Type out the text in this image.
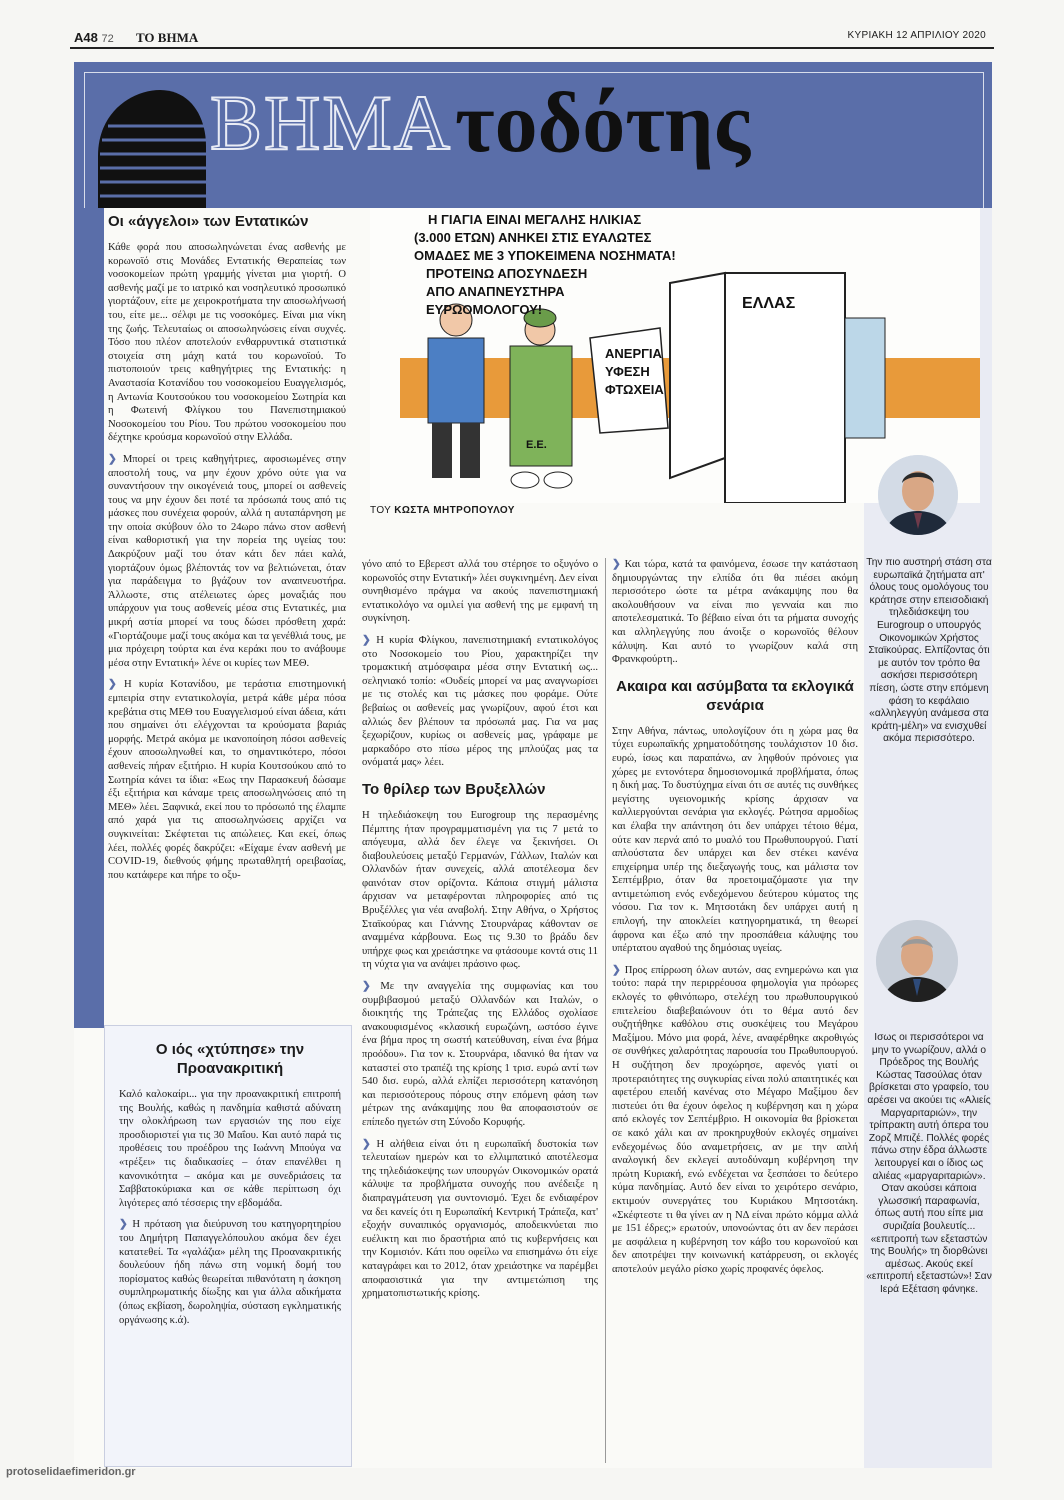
A48 72 ΤΟ ΒΗΜΑ	ΚΥΡΙΑΚΗ 12 ΑΠΡΙΛΙΟΥ 2020
ΒΗΜΑ τοδότης
Οι «άγγελοι» των Εντατικών

Κάθε φορά που αποσωληνώνεται ένας ασθενής με κορωνοϊό στις Μονάδες Εντατικής Θεραπείας των νοσοκομείων πρώτη γραμμής γίνεται μια γιορτή. Ο ασθενής μαζί με το ιατρικό και νοσηλευτικό προσωπικό γιορτάζουν, είτε με χειροκροτήματα την αποσωλήνωσή του, είτε με... σέλφι με τις νοσοκόμες. Είναι μια νίκη της ζωής. Τελευταίως οι αποσωληνώσεις είναι συχνές. Τόσο που πλέον αποτελούν ενθαρρυντικά στατιστικά στοιχεία στη μάχη κατά του κορωνοϊού. Το πιστοποιούν τρεις καθηγήτριες της Εντατικής: η Αναστασία Κοτανίδου του νοσοκομείου Ευαγγελισμός, η Αντωνία Κουτσούκου του νοσοκομείου Σωτηρία και η Φωτεινή Φλίγκου του Πανεπιστημιακού Νοσοκομείου του Ρίου. Του πρώτου νοσοκομείου που δέχτηκε κρούσμα κορωνοϊού στην Ελλάδα.

❯ Μπορεί οι τρεις καθηγήτριες, αφοσιωμένες στην αποστολή τους, να μην έχουν χρόνο ούτε για να συναντήσουν την οικογένειά τους, μπορεί οι ασθενείς τους να μην έχουν δει ποτέ τα πρόσωπά τους από τις μάσκες που συνέχεια φορούν, αλλά η αυταπάρνηση με την οποία σκύβουν όλο το 24ωρο πάνω στον ασθενή είναι καθοριστική για την πορεία της υγείας του: Δακρύζουν μαζί του όταν κάτι δεν πάει καλά, γιορτάζουν όμως βλέποντάς τον να βελτιώνεται, όταν για παράδειγμα το βγάζουν τον αναπνευστήρα. Άλλωστε, στις ατέλειωτες ώρες μοναξιάς που υπάρχουν για τους ασθενείς μέσα στις Εντατικές, μια μικρή αστία μπορεί να τους δώσει πρόσθετη χαρά: «Γιορτάζουμε μαζί τους ακόμα και τα γενέθλιά τους, με μια πρόχειρη τούρτα και ένα κεράκι που το ανάβουμε μέσα στην Εντατική» λένε οι κυρίες των ΜΕΘ.

❯ Η κυρία Κοτανίδου, με τεράστια επιστημονική εμπειρία στην εντατικολογία, μετρά κάθε μέρα πόσα κρεβάτια στις ΜΕΘ του Ευαγγελισμού είναι άδεια, κάτι που σημαίνει ότι ελέγχονται τα κρούσματα βαριάς μορφής. Μετρά ακόμα με ικανοποίηση πόσοι ασθενείς έχουν αποσωληνωθεί και, το σημαντικότερο, πόσοι ασθενείς πήραν εξιτήριο. Η κυρία Κουτσούκου από το Σωτηρία κάνει τα ίδια: «Εως την Παρασκευή δώσαμε έξι εξιτήρια και κάναμε τρεις αποσωληνώσεις από τη ΜΕΘ» λέει. Ξαφνικά, εκεί που το πρόσωπό της έλαμπε από χαρά για τις αποσωληνώσεις αρχίζει να συγκινείται: Σκέφτεται τις απώλειες. Και εκεί, όπως λέει, πολλές φορές δακρύζει: «Είχαμε έναν ασθενή με COVID-19, διεθνούς φήμης πρωταθλητή ορειβασίας, που κατάφερε και πήρε το οξυ-

Η ΓΙΑΓΙΑ ΕΙΝΑΙ ΜΕΓΑΛΗΣ ΗΛΙΚΙΑΣ
(3.000 ΕΤΩΝ) ΑΝΗΚΕΙ ΣΤΙΣ ΕΥΑΛΩΤΕΣ
ΟΜΑΔΕΣ ΜΕ 3 ΥΠΟΚΕΙΜΕΝΑ ΝΟΣΗΜΑΤΑ!
ΠΡΟΤΕΙΝΩ ΑΠΟΣΥΝΔΕΣΗ
ΑΠΟ ΑΝΑΠΝΕΥΣΤΗΡΑ
ΕΥΡΩΟΜΟΛΟΓΟΥ!	ΕΛΛΑΣ
ΑΝΕΡΓΙΑ
ΥΦΕΣΗ
ΦΤΩΧΕΙΑ
Ε.Ε.
ΤΟΥ ΚΩΣΤΑ ΜΗΤΡΟΠΟΥΛΟΥ

γόνο από το Εβερεστ αλλά του στέρησε το οξυγόνο ο κορωνοϊός στην Εντατική» λέει συγκινημένη. Δεν είναι συνηθισμένο πράγμα να ακούς πανεπιστημιακή εντατικολόγο να ομιλεί για ασθενή της με εμφανή τη συγκίνηση.

❯ Η κυρία Φλίγκου, πανεπιστημιακή εντατικολόγος στο Νοσοκομείο του Ρίου, χαρακτηρίζει την τρομακτική ατμόσφαιρα μέσα στην Εντατική ως... σεληνιακό τοπίο: «Ουδείς μπορεί να μας αναγνωρίσει με τις στολές και τις μάσκες που φοράμε. Ούτε βεβαίως οι ασθενείς μας γνωρίζουν, αφού έτσι και αλλιώς δεν βλέπουν τα πρόσωπά μας. Για να μας ξεχωρίζουν, κυρίως οι ασθενείς μας, γράφαμε με μαρκαδόρο στο πίσω μέρος της μπλούζας μας τα ονόματά μας» λέει.

Το θρίλερ των Βρυξελλών

Η τηλεδιάσκεψη του Eurogroup της περασμένης Πέμπτης ήταν προγραμματισμένη για τις 7 μετά το απόγευμα, αλλά δεν έλεγε να ξεκινήσει. Οι διαβουλεύσεις μεταξύ Γερμανών, Γάλλων, Ιταλών και Ολλανδών ήταν συνεχείς, αλλά αποτέλεσμα δεν φαινόταν στον ορίζοντα. Κάποια στιγμή μάλιστα άρχισαν να μεταφέρονται πληροφορίες από τις Βρυξέλλες για νέα αναβολή. Στην Αθήνα, ο Χρήστος Σταϊκούρας και Γιάννης Στουρνάρας κάθονταν σε αναμμένα κάρβουνα. Εως τις 9.30 το βράδυ δεν υπήρχε φως και χρειάστηκε να φτάσουμε κοντά στις 11 τη νύχτα για να ανάψει πράσινο φως.

❯ Με την αναγγελία της συμφωνίας και του συμβιβασμού μεταξύ Ολλανδών και Ιταλών, ο διοικητής της Τράπεζας της Ελλάδος σχολίασε ανακουφισμένος «κλασική ευρωζώνη, ωστόσο έγινε ένα βήμα προς τη σωστή κατεύθυνση, είναι ένα βήμα προόδου». Για τον κ. Στουρνάρα, ιδανικό θα ήταν να καταστεί στο τραπέζι της κρίσης 1 τρισ. ευρώ αντί των 540 δισ. ευρώ, αλλά ελπίζει περισσότερη κατανόηση και περισσότερους πόρους στην επόμενη φάση των μέτρων της ανάκαμψης που θα αποφασιστούν σε επίπεδο ηγετών στη Σύνοδο Κορυφής.

❯ Η αλήθεια είναι ότι η ευρωπαϊκή δυστοκία των τελευταίων ημερών και το ελλιμπατικό αποτέλεσμα της τηλεδιάσκεψης των υπουργών Οικονομικών ορατά κάλυψε τα προβλήματα συνοχής που ανέδειξε η διαπραγμάτευση για συντονισμό. Έχει δε ενδιαφέρον να δει κανείς ότι η Ευρωπαϊκή Κεντρική Τράπεζα, κατ' εξοχήν συναιπικός οργανισμός, αποδεικνύεται πιο ευέλικτη και πιο δραστήρια από τις κυβερνήσεις και την Κομισιόν. Κάτι που οφείλω να επισημάνω ότι είχε καταγράφει και το 2012, όταν χρειάστηκε να παρέμβει αποφασιστικά για την αντιμετώπιση της χρηματοπιστωτικής κρίσης.

❯ Και τώρα, κατά τα φαινόμενα, έσωσε την κατάσταση δημιουργώντας την ελπίδα ότι θα πιέσει ακόμη περισσότερο ώστε τα μέτρα ανάκαμψης που θα ακολουθήσουν να είναι πιο γενναία και πιο αποτελεσματικά. Το βέβαιο είναι ότι τα ρήματα συνοχής και αλληλεγγύης που άνοιξε ο κορωνοϊός θέλουν κάλυψη. Και αυτό το γνωρίζουν καλά στη Φρανκφούρτη..

Ακαιρα και ασύμβατα τα εκλογικά σενάρια

Στην Αθήνα, πάντως, υπολογίζουν ότι η χώρα μας θα τύχει ευρωπαϊκής χρηματοδότησης τουλάχιστον 10 δισ. ευρώ, ίσως και παραπάνω, αν ληφθούν πρόνοιες για χώρες με εντονότερα δημοσιονομικά προβλήματα, όπως η δική μας. Το δυστύχημα είναι ότι σε αυτές τις συνθήκες μεγίστης υγειονομικής κρίσης άρχισαν να καλλιεργούνται σενάρια για εκλογές. Ρώτησα αρμοδίως και έλαβα την απάντηση ότι δεν υπάρχει τέτοιο θέμα, ούτε καν περνά από το μυαλό του Πρωθυπουργού. Γιατί απλούστατα δεν υπάρχει και δεν στέκει κανένα επιχείρημα υπέρ της διεξαγωγής τους, και μάλιστα τον Σεπτέμβριο, όταν θα προετοιμαζόμαστε για την αντιμετώπιση ενός ενδεχόμενου δεύτερου κύματος της νόσου. Για τον κ. Μητσοτάκη δεν υπάρχει αυτή η επιλογή, την αποκλείει κατηγορηματικά, τη θεωρεί άφρονα και έξω από την προσπάθεια κάλυψης του υπέρτατου αγαθού της δημόσιας υγείας.

❯ Προς επίρρωση όλων αυτών, σας ενημερώνω και για τούτο: παρά την περιρρέουσα φημολογία για πρόωρες εκλογές το φθινόπωρο, στελέχη του πρωθυπουργικού επιτελείου διαβεβαιώνουν ότι το θέμα αυτό δεν συζητήθηκε καθόλου στις συσκέψεις του Μεγάρου Μαξίμου. Μόνο μια φορά, λένε, αναφέρθηκε ακροθιγώς σε συνθήκες χαλαρότητας παρουσία του Πρωθυπουργού. Η συζήτηση δεν προχώρησε, αφενός γιατί οι προτεραιότητες της συγκυρίας είναι πολύ απαιτητικές και αφετέρου επειδή κανένας στο Μέγαρο Μαξίμου δεν πιστεύει ότι θα έχουν όφελος η κυβέρνηση και η χώρα από εκλογές τον Σεπτέμβριο. Η οικονομία θα βρίσκεται σε κακό χάλι και αν προκηρυχθούν εκλογές σημαίνει ενδεχομένως δύο αναμετρήσεις, αν με την απλή αναλογική δεν εκλεγεί αυτοδύναμη κυβέρνηση την πρώτη Κυριακή, ενώ ενδέχεται να ξεσπάσει το δεύτερο κύμα πανδημίας. Αυτό δεν είναι το χειρότερο σενάριο, εκτιμούν συνεργάτες του Κυριάκου Μητσοτάκη. «Σκέφτεστε τι θα γίνει αν η ΝΔ είναι πρώτο κόμμα αλλά με 151 έδρες;» ερωτούν, υπονοώντας ότι αν δεν περάσει με ασφάλεια η κυβέρνηση τον κάβο του κορωνοϊού και δεν αποτρέψει την κοινωνική κατάρρευση, οι εκλογές αποτελούν μεγάλο ρίσκο χωρίς προφανές όφελος.

Ο ιός «χτύπησε» την Προανακριτική

Καλό καλοκαίρι... για την προανακριτική επιτροπή της Βουλής, καθώς η πανδημία καθιστά αδύνατη την ολοκλήρωση των εργασιών της που είχε προσδιοριστεί για τις 30 Μαΐου. Και αυτό παρά τις προθέσεις του προέδρου της Ιωάννη Μπούγα να «τρέξει» τις διαδικασίες – όταν επανέλθει η κανονικότητα – ακόμα και με συνεδριάσεις τα Σαββατοκύριακα και σε κάθε περίπτωση όχι λιγότερες από τέσσερις την εβδομάδα.

❯ Η πρόταση για διεύρυνση του κατηγορητηρίου του Δημήτρη Παπαγγελόπουλου ακόμα δεν έχει κατατεθεί. Τα «γαλάζια» μέλη της Προανακριτικής δουλεύουν ήδη πάνω στη νομική δομή του πορίσματος καθώς θεωρείται πιθανότατη η άσκηση συμπληρωματικής δίωξης και για άλλα αδικήματα (όπως εκβίαση, δωροληψία, σύσταση εγκληματικής οργάνωσης κ.ά).

Την πιο αυστηρή στάση στα ευρωπαϊκά ζητήματα απ' όλους τους ομολόγους του κράτησε στην επεισοδιακή τηλεδιάσκεψη του Eurogroup ο υπουργός Οικονομικών Χρήστος Σταϊκούρας. Ελπίζοντας ότι με αυτόν τον τρόπο θα ασκήσει περισσότερη πίεση, ώστε στην επόμενη φάση το κεφάλαιο «αλληλεγγύη ανάμεσα στα κράτη-μέλη» να ενισχυθεί ακόμα περισσότερο.
Ισως οι περισσότεροι να μην το γνωρίζουν, αλλά ο Πρόεδρος της Βουλής Κώστας Τασούλας όταν βρίσκεται στο γραφείο, του αρέσει να ακούει τις «Αλιείς Μαργαριταριών», την τρίπρακτη αυτή όπερα του Ζορζ Μπιζέ. Πολλές φορές πάνω στην έδρα άλλωστε λειτουργεί και ο ίδιος ως αλιέας «μαργαριταριών». Οταν ακούσει κάποια γλωσσική παραφωνία, όπως αυτή που είπε μια συριζαία βουλευτίς... «επιτροπή των εξεταστών της Βουλής» τη διορθώνει αμέσως. Ακούς εκεί «επιτροπή εξεταστών»! Σαν Ιερά Εξέταση φάνηκε.
protoselidaefimeridon.gr
